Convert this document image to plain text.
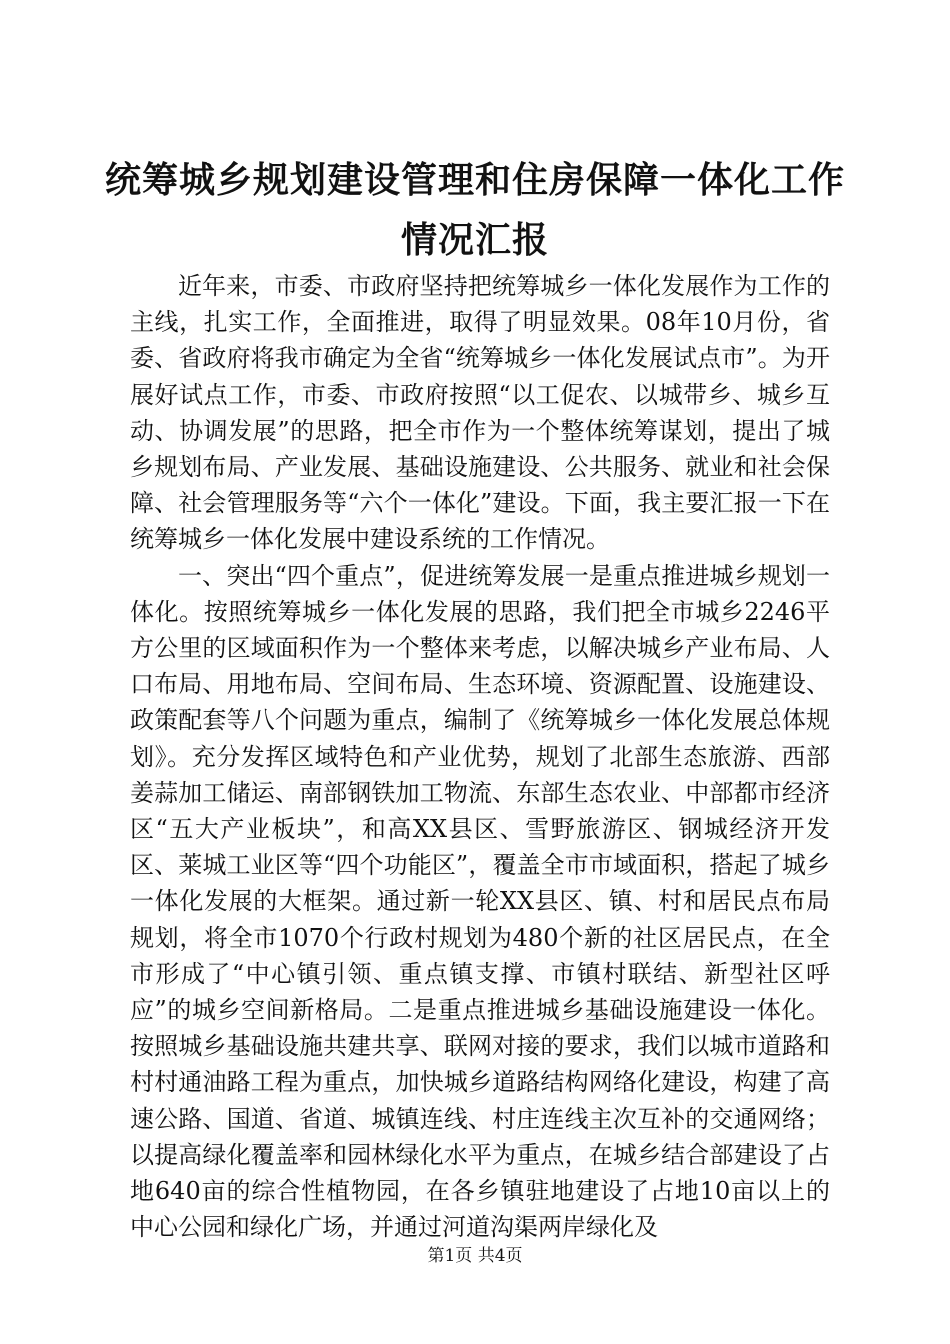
统筹城乡规划建设管理和住房保障一体化工作
情况汇报

近年来，市委、市政府坚持把统筹城乡一体化发展作为工作的主线，扎实工作，全面推进，取得了明显效果。08年10月份，省委、省政府将我市确定为全省“统筹城乡一体化发展试点市”。为开展好试点工作，市委、市政府按照“以工促农、以城带乡、城乡互动、协调发展”的思路，把全市作为一个整体统筹谋划，提出了城乡规划布局、产业发展、基础设施建设、公共服务、就业和社会保障、社会管理服务等“六个一体化”建设。下面，我主要汇报一下在统筹城乡一体化发展中建设系统的工作情况。

一、突出“四个重点”，促进统筹发展一是重点推进城乡规划一体化。按照统筹城乡一体化发展的思路，我们把全市城乡2246平方公里的区域面积作为一个整体来考虑，以解决城乡产业布局、人口布局、用地布局、空间布局、生态环境、资源配置、设施建设、政策配套等八个问题为重点，编制了《统筹城乡一体化发展总体规划》。充分发挥区域特色和产业优势，规划了北部生态旅游、西部姜蒜加工储运、南部钢铁加工物流、东部生态农业、中部都市经济区“五大产业板块”，和高XX县区、雪野旅游区、钢城经济开发区、莱城工业区等“四个功能区”，覆盖全市市域面积，搭起了城乡一体化发展的大框架。通过新一轮XX县区、镇、村和居民点布局规划，将全市1070个行政村规划为480个新的社区居民点，在全市形成了“中心镇引领、重点镇支撑、市镇村联结、新型社区呼应”的城乡空间新格局。二是重点推进城乡基础设施建设一体化。按照城乡基础设施共建共享、联网对接的要求，我们以城市道路和村村通油路工程为重点，加快城乡道路结构网络化建设，构建了高速公路、国道、省道、城镇连线、村庄连线主次互补的交通网络；以提高绿化覆盖率和园林绿化水平为重点，在城乡结合部建设了占地640亩的综合性植物园，在各乡镇驻地建设了占地10亩以上的中心公园和绿化广场，并通过河道沟渠两岸绿化及

第1页 共4页
